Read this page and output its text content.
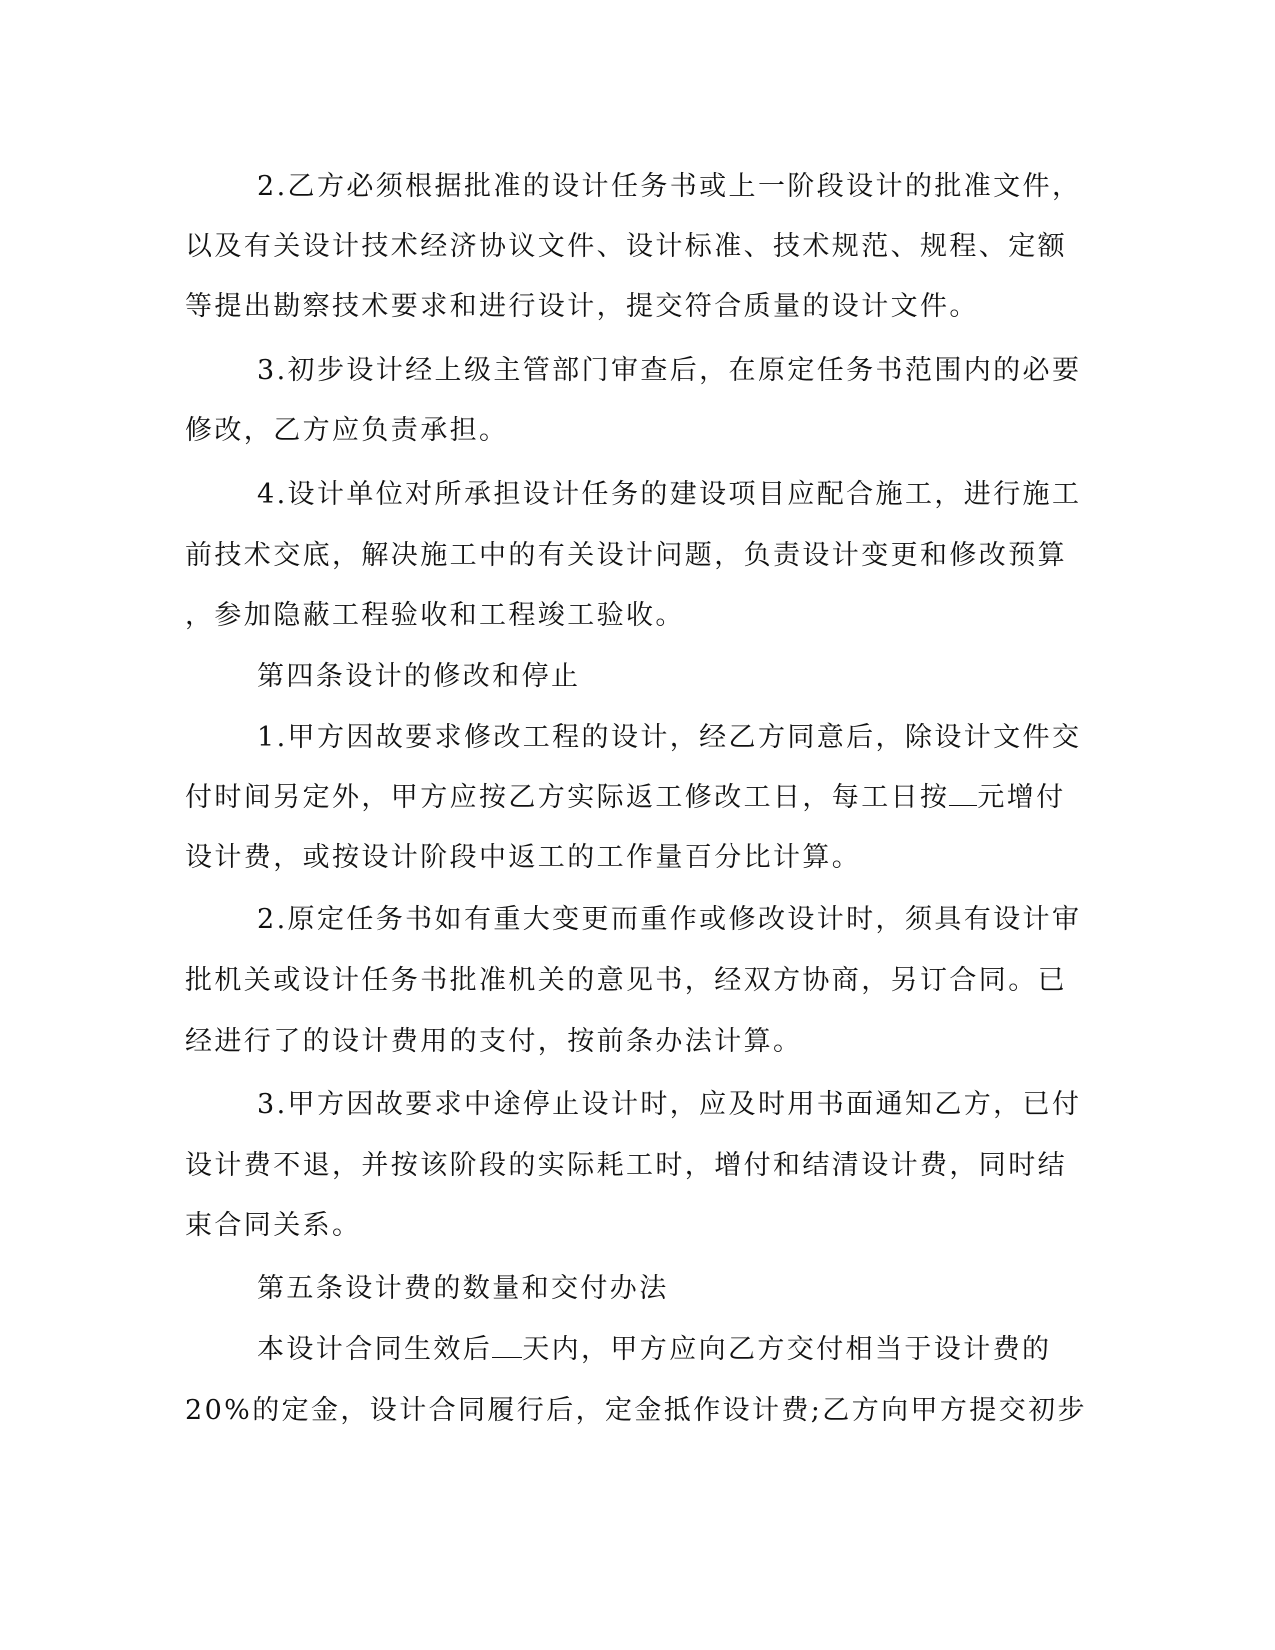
2.乙方必须根据批准的设计任务书或上一阶段设计的批准文件，
以及有关设计技术经济协议文件、设计标准、技术规范、规程、定额
等提出勘察技术要求和进行设计，提交符合质量的设计文件。
3.初步设计经上级主管部门审查后，在原定任务书范围内的必要
修改，乙方应负责承担。
4.设计单位对所承担设计任务的建设项目应配合施工，进行施工
前技术交底，解决施工中的有关设计问题，负责设计变更和修改预算
，参加隐蔽工程验收和工程竣工验收。
第四条设计的修改和停止
1.甲方因故要求修改工程的设计，经乙方同意后，除设计文件交
付时间另定外，甲方应按乙方实际返工修改工日，每工日按 元增付
设计费，或按设计阶段中返工的工作量百分比计算。
2.原定任务书如有重大变更而重作或修改设计时，须具有设计审
批机关或设计任务书批准机关的意见书，经双方协商，另订合同。已
经进行了的设计费用的支付，按前条办法计算。
3.甲方因故要求中途停止设计时，应及时用书面通知乙方，已付
设计费不退，并按该阶段的实际耗工时，增付和结清设计费，同时结
束合同关系。
第五条设计费的数量和交付办法
本设计合同生效后 天内，甲方应向乙方交付相当于设计费的
20%的定金，设计合同履行后，定金抵作设计费;乙方向甲方提交初步
